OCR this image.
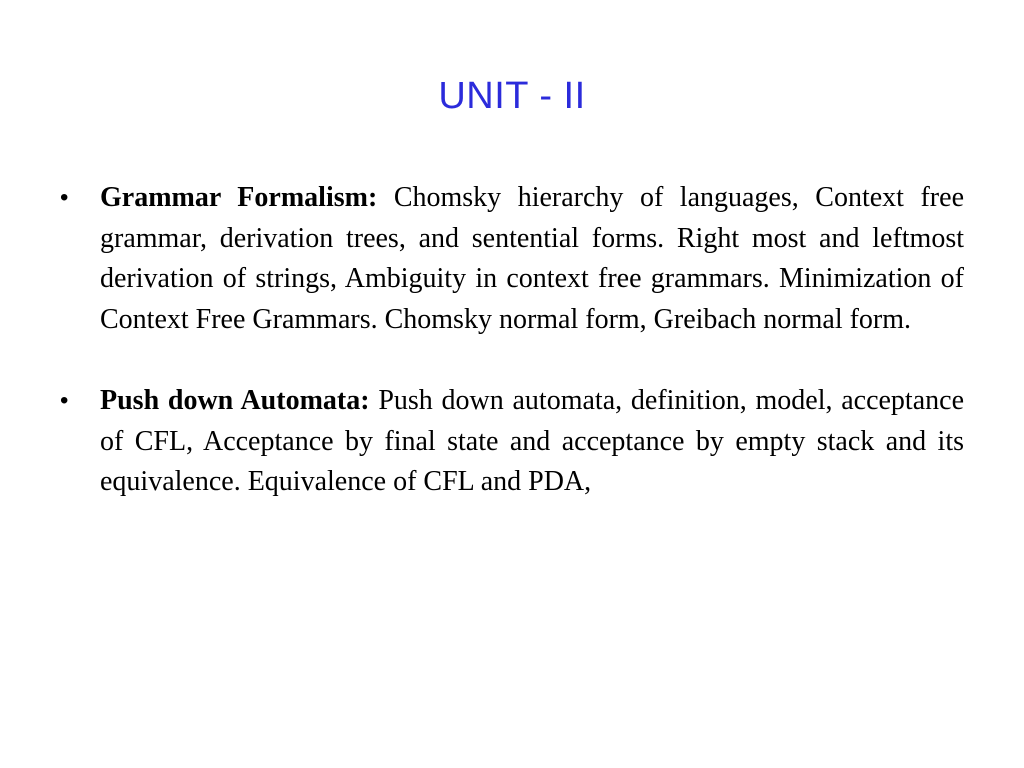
UNIT - II
• Grammar Formalism: Chomsky hierarchy of languages, Context free grammar, derivation trees, and sentential forms. Right most and leftmost derivation of strings, Ambiguity in context free grammars. Minimization of Context Free Grammars. Chomsky normal form, Greibach normal form.
• Push down Automata: Push down automata, definition, model, acceptance of CFL, Acceptance by final state and acceptance by empty stack and its equivalence. Equivalence of CFL and PDA,
